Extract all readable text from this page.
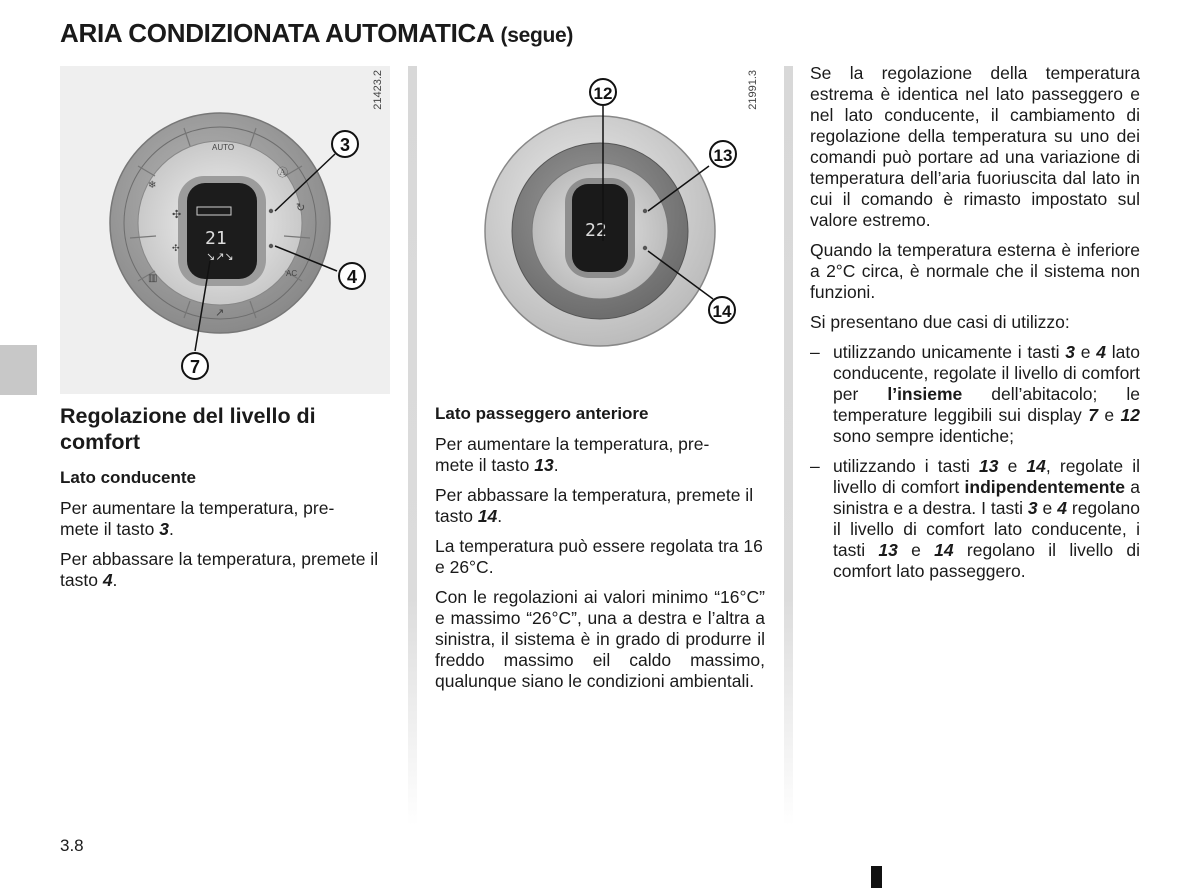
ARIA CONDIZIONATA AUTOMATICA (segue)
21
↘↗↘
AUTO
AC
❄
✣
✣
▥
↗
Ⓐ
↻
3
4
7
21423.2
22
12
13
14
21991.3
Regolazione del livello di comfort
Lato conducente

Per aumentare la temperatura, pre-
mete il tasto 3.

Per abbassare la temperatura, premete il tasto 4.

Lato passeggero anteriore

Per aumentare la temperatura, pre-
mete il tasto 13.

Per abbassare la temperatura, premete il tasto 14.

La temperatura può essere regolata tra 16 e 26°C.

Con le regolazioni ai valori minimo “16°C” e massimo “26°C”, una a destra e l’altra a sinistra, il sistema è in grado di produrre il freddo massimo eil caldo massimo, qualunque siano le condizioni ambientali.

Se la regolazione della temperatura estrema è identica nel lato passeggero e nel lato conducente, il cambiamento di regolazione della temperatura su uno dei comandi può portare ad una variazione di temperatura dell’aria fuoriuscita dal lato in cui il comando è rimasto impostato sul valore estremo.

Quando la temperatura esterna è inferiore a 2°C circa, è normale che il sistema non funzioni.

Si presentano due casi di utilizzo:

– utilizzando unicamente i tasti 3 e 4 lato conducente, regolate il livello di comfort per l’insieme dell’abitacolo; le temperature leggibili sui display 7 e 12 sono sempre identiche;
– utilizzando i tasti 13 e 14, regolate il livello di comfort indipendentemente a sinistra e a destra. I tasti 3 e 4 regolano il livello di comfort lato conducente, i tasti 13 e 14 regolano il livello di comfort lato passeggero.
3.8
